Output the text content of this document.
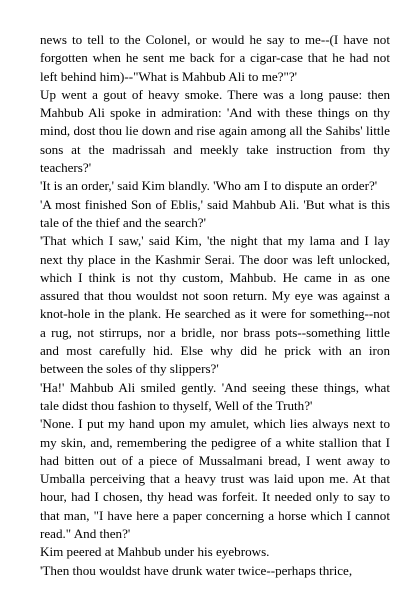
news to tell to the Colonel, or would he say to me--(I have not forgotten when he sent me back for a cigar-case that he had not left behind him)--"What is Mahbub Ali to me?"?'

Up went a gout of heavy smoke. There was a long pause: then Mahbub Ali spoke in admiration: 'And with these things on thy mind, dost thou lie down and rise again among all the Sahibs' little sons at the madrissah and meekly take instruction from thy teachers?'

'It is an order,' said Kim blandly. 'Who am I to dispute an order?'

'A most finished Son of Eblis,' said Mahbub Ali. 'But what is this tale of the thief and the search?'

'That which I saw,' said Kim, 'the night that my lama and I lay next thy place in the Kashmir Serai. The door was left unlocked, which I think is not thy custom, Mahbub. He came in as one assured that thou wouldst not soon return. My eye was against a knot-hole in the plank. He searched as it were for something--not a rug, not stirrups, nor a bridle, nor brass pots--something little and most carefully hid. Else why did he prick with an iron between the soles of thy slippers?'

'Ha!' Mahbub Ali smiled gently. 'And seeing these things, what tale didst thou fashion to thyself, Well of the Truth?'

'None. I put my hand upon my amulet, which lies always next to my skin, and, remembering the pedigree of a white stallion that I had bitten out of a piece of Mussalmani bread, I went away to Umballa perceiving that a heavy trust was laid upon me. At that hour, had I chosen, thy head was forfeit. It needed only to say to that man, "I have here a paper concerning a horse which I cannot read." And then?'

Kim peered at Mahbub under his eyebrows.

'Then thou wouldst have drunk water twice--perhaps thrice,
